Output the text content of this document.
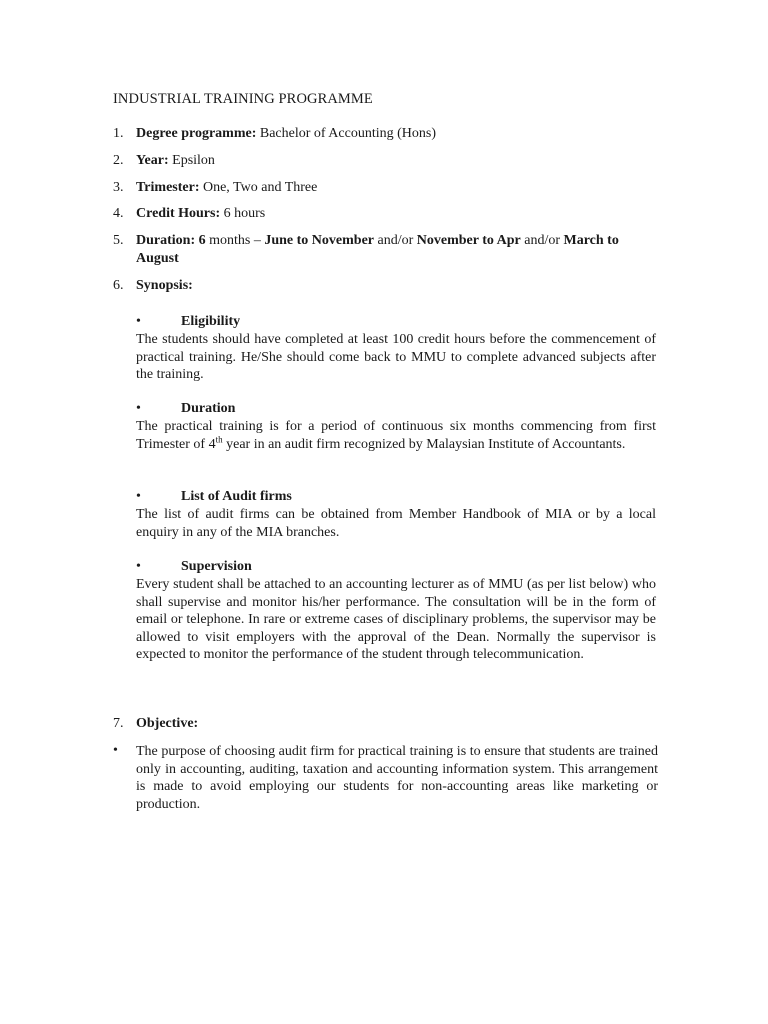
INDUSTRIAL TRAINING PROGRAMME
1. Degree programme: Bachelor of Accounting (Hons)
2. Year: Epsilon
3. Trimester: One, Two and Three
4. Credit Hours: 6 hours
5. Duration: 6 months – June to November and/or November to Apr and/or March to August
6. Synopsis:
•	Eligibility
The students should have completed at least 100 credit hours before the commencement of practical training. He/She should come back to MMU to complete advanced subjects after the training.
•	Duration
The practical training is for a period of continuous six months commencing from first Trimester of 4th year in an audit firm recognized by Malaysian Institute of Accountants.
•	List of Audit firms
The list of audit firms can be obtained from Member Handbook of MIA or by a local enquiry in any of the MIA branches.
•	Supervision
Every student shall be attached to an accounting lecturer as of MMU (as per list below) who shall supervise and monitor his/her performance. The consultation will be in the form of email or telephone. In rare or extreme cases of disciplinary problems, the supervisor may be allowed to visit employers with the approval of the Dean. Normally the supervisor is expected to monitor the performance of the student through telecommunication.
7. Objective:
• The purpose of choosing audit firm for practical training is to ensure that students are trained only in accounting, auditing, taxation and accounting information system. This arrangement is made to avoid employing our students for non-accounting areas like marketing or production.
